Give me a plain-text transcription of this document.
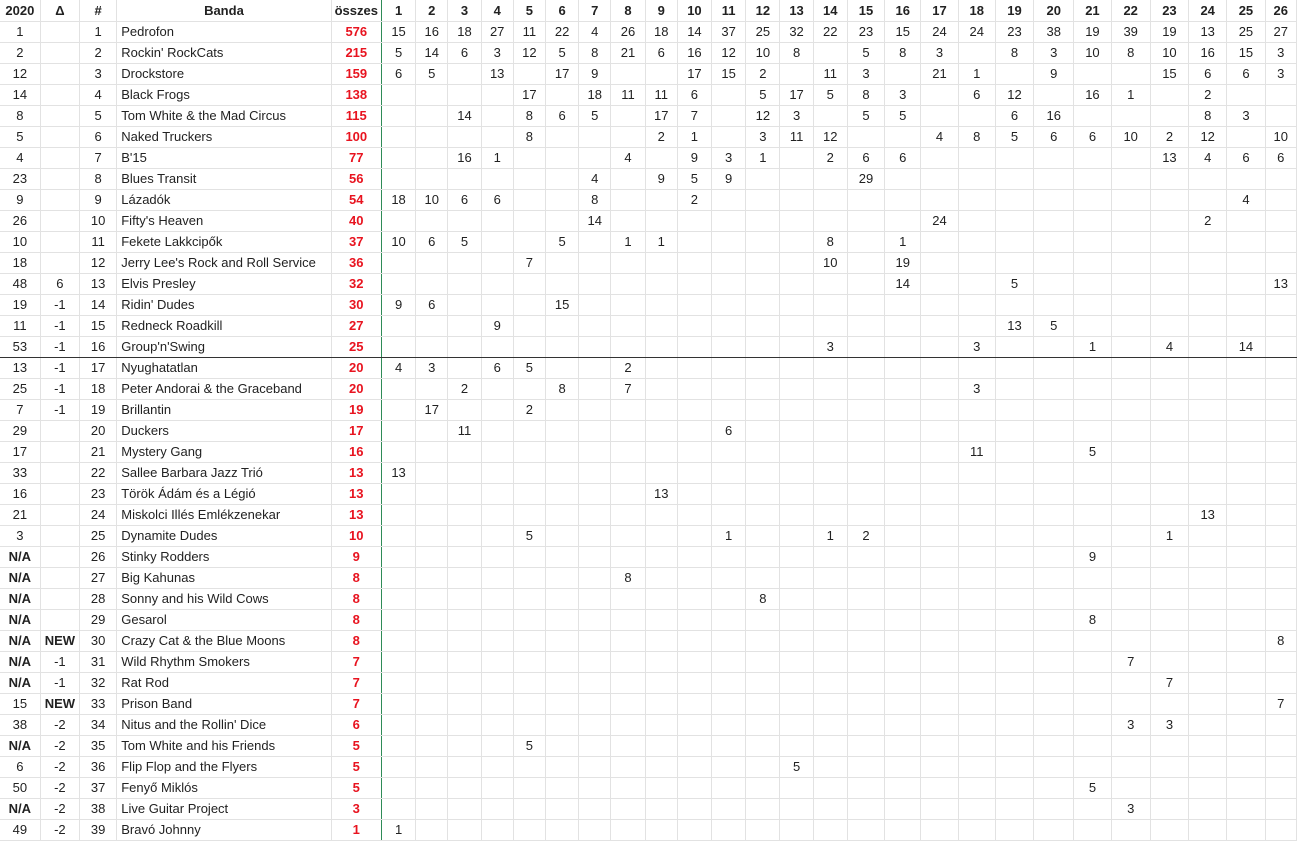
2020	Δ	#	Banda	összes	1	2	3	4	5	6	7	8	9	10	11	12	13	14	15	16	17	18	19	20	21	22	23	24	25	26
1		1	Pedrofon	576	15	16	18	27	11	22	4	26	18	14	37	25	32	22	23	15	24	24	23	38	19	39	19	13	25	27
2		2	Rockin' RockCats	215	5	14	6	3	12	5	8	21	6	16	12	10	8		5	8	3		8	3	10	8	10	16	15	3
12		3	Drockstore	159	6	5		13		17	9			17	15	2		11	3		21	1		9			15	6	6	3
14		4	Black Frogs	138					17		18	11	11	6		5	17	5	8	3		6	12		16	1		2		
8		5	Tom White & the Mad Circus	115			14		8	6	5		17	7		12	3		5	5			6	16				8	3	
5		6	Naked Truckers	100					8				2	1		3	11	12			4	8	5	6	6	10	2	12		10
4		7	B'15	77			16	1				4		9	3	1		2	6	6							13	4	6	6
23		8	Blues Transit	56							4		9	5	9				29											
9		9	Lázadók	54	18	10	6	6			8			2															4	
26		10	Fifty's Heaven	40							14										24							2		
10		11	Fekete Lakkcipők	37	10	6	5			5		1	1					8		1										
18		12	Jerry Lee's Rock and Roll Service	36					7									10		19										
48	6	13	Elvis Presley	32																14			5							13
19	-1	14	Ridin' Dudes	30	9	6				15																				
11	-1	15	Redneck Roadkill	27				9															13	5						
53	-1	16	Group'n'Swing	25														3				3			1		4		14	
13	-1	17	Nyughatatlan	20	4	3		6	5			2																		
25	-1	18	Peter Andorai & the Graceband	20			2			8		7										3								
7	-1	19	Brillantin	19		17			2																					
29		20	Duckers	17			11								6															
17		21	Mystery Gang	16																		11			5					
33		22	Sallee Barbara Jazz Trió	13	13																									
16		23	Török Ádám és a Légió	13									13																	
21		24	Miskolci Illés Emlékzenekar	13																								13		
3		25	Dynamite Dudes	10					5						1			1	2								1			
N/A		26	Stinky Rodders	9																					9					
N/A		27	Big Kahunas	8								8																		
N/A		28	Sonny and his Wild Cows	8												8														
N/A		29	Gesarol	8																					8					
N/A	NEW	30	Crazy Cat & the Blue Moons	8																										8
N/A	-1	31	Wild Rhythm Smokers	7																						7				
N/A	-1	32	Rat Rod	7																							7			
15	NEW	33	Prison Band	7																										7
38	-2	34	Nitus and the Rollin' Dice	6																						3	3			
N/A	-2	35	Tom White and his Friends	5					5																					
6	-2	36	Flip Flop and the Flyers	5													5													
50	-2	37	Fenyő Miklós	5																					5					
N/A	-2	38	Live Guitar Project	3																						3				
49	-2	39	Bravó Johnny	1	1																									
